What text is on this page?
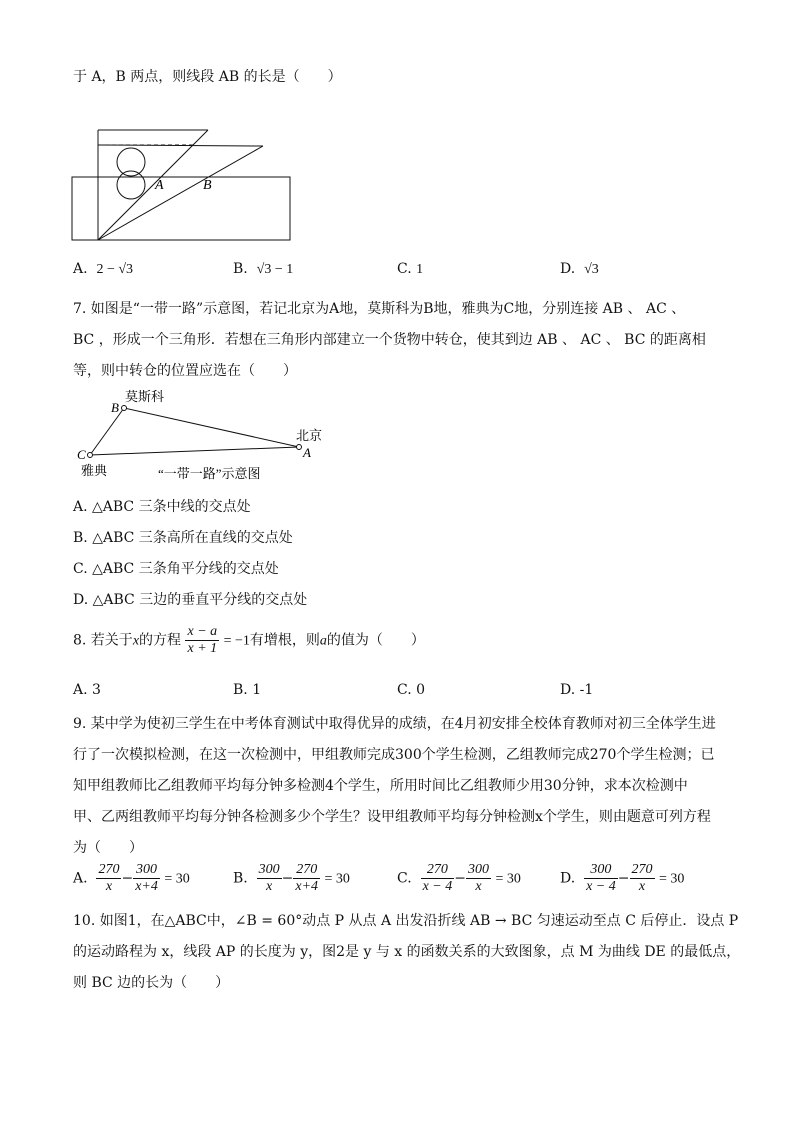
于 A，B 两点，则线段 AB 的长是（　　）
A	B
A. 2 − √3	B. √3 − 1	C. 1	D. √3
7. 如图是“一带一路”示意图，若记北京为A地，莫斯科为B地，雅典为C地，分别连接 AB 、 AC 、
BC ，形成一个三角形．若想在三角形内部建立一个货物中转仓，使其到边 AB 、 AC 、 BC 的距离相
等，则中转仓的位置应选在（　　）
B
莫斯科
C
雅典
A
北京
“一带一路”示意图
A. △ABC 三条中线的交点处
B. △ABC 三条高所在直线的交点处
C. △ABC 三条角平分线的交点处
D. △ABC 三边的垂直平分线的交点处
8. 若关于x的方程 $\frac{x - a}{x + 1} = -1$有增根，则a的值为（　　）
A. 3	B. 1	C. 0	D. -1
9. 某中学为使初三学生在中考体育测试中取得优异的成绩，在4月初安排全校体育教师对初三全体学生进
行了一次模拟检测，在这一次检测中，甲组教师完成300个学生检测，乙组教师完成270个学生检测；已
知甲组教师比乙组教师平均每分钟多检测4个学生，所用时间比乙组教师少用30分钟，求本次检测中
甲、乙两组教师平均每分钟各检测多少个学生？设甲组教师平均每分钟检测x个学生，则由题意可列方程
为（　　）
A. $\frac{270}{x} - \frac{300}{x+4} = 30$	B. $\frac{300}{x} - \frac{270}{x+4} = 30$	C. $\frac{270}{x - 4} - \frac{300}{x} = 30$	D. $\frac{300}{x - 4} - \frac{270}{x} = 30$
10. 如图1，在△ABC中，∠B = 60°动点 P 从点 A 出发沿折线 AB → BC 匀速运动至点 C 后停止．设点 P
的运动路程为 x，线段 AP 的长度为 y，图2是 y 与 x 的函数关系的大致图象，点 M 为曲线 DE 的最低点，
则 BC 边的长为（　　）
